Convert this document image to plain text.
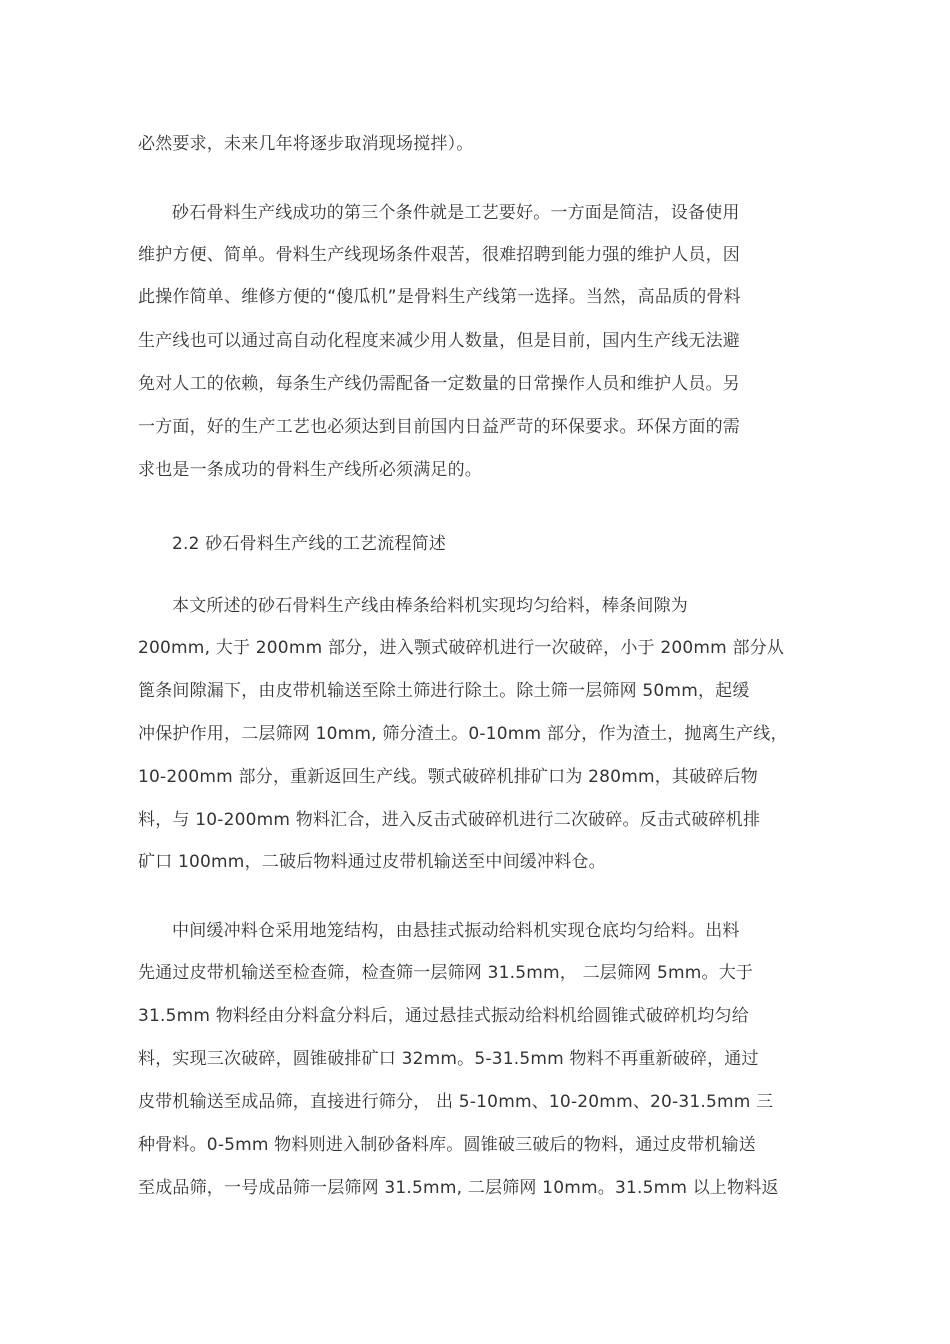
必然要求，未来几年将逐步取消现场搅拌）。
砂石骨料生产线成功的第三个条件就是工艺要好。一方面是简洁，设备使用
维护方便、简单。骨料生产线现场条件艰苦，很难招聘到能力强的维护人员，因
此操作简单、维修方便的“傻瓜机”是骨料生产线第一选择。当然，高品质的骨料
生产线也可以通过高自动化程度来减少用人数量，但是目前，国内生产线无法避
免对人工的依赖，每条生产线仍需配备一定数量的日常操作人员和维护人员。另
一方面，好的生产工艺也必须达到目前国内日益严苛的环保要求。环保方面的需
求也是一条成功的骨料生产线所必须满足的。
2.2 砂石骨料生产线的工艺流程简述
本文所述的砂石骨料生产线由棒条给料机实现均匀给料，棒条间隙为
200mm, 大于 200mm 部分，进入颚式破碎机进行一次破碎，小于 200mm 部分从
篦条间隙漏下，由皮带机输送至除土筛进行除土。除土筛一层筛网 50mm，起缓
冲保护作用，二层筛网 10mm, 筛分渣土。0-10mm 部分，作为渣土，抛离生产线，
10-200mm 部分，重新返回生产线。颚式破碎机排矿口为 280mm，其破碎后物
料，与 10-200mm 物料汇合，进入反击式破碎机进行二次破碎。反击式破碎机排
矿口 100mm，二破后物料通过皮带机输送至中间缓冲料仓。
中间缓冲料仓采用地笼结构，由悬挂式振动给料机实现仓底均匀给料。出料
先通过皮带机输送至检查筛，检查筛一层筛网 31.5mm， 二层筛网 5mm。大于
31.5mm 物料经由分料盒分料后，通过悬挂式振动给料机给圆锥式破碎机均匀给
料，实现三次破碎，圆锥破排矿口 32mm。5-31.5mm 物料不再重新破碎，通过
皮带机输送至成品筛，直接进行筛分， 出 5-10mm、10-20mm、20-31.5mm 三
种骨料。0-5mm 物料则进入制砂备料库。圆锥破三破后的物料，通过皮带机输送
至成品筛，一号成品筛一层筛网 31.5mm, 二层筛网 10mm。31.5mm 以上物料返
